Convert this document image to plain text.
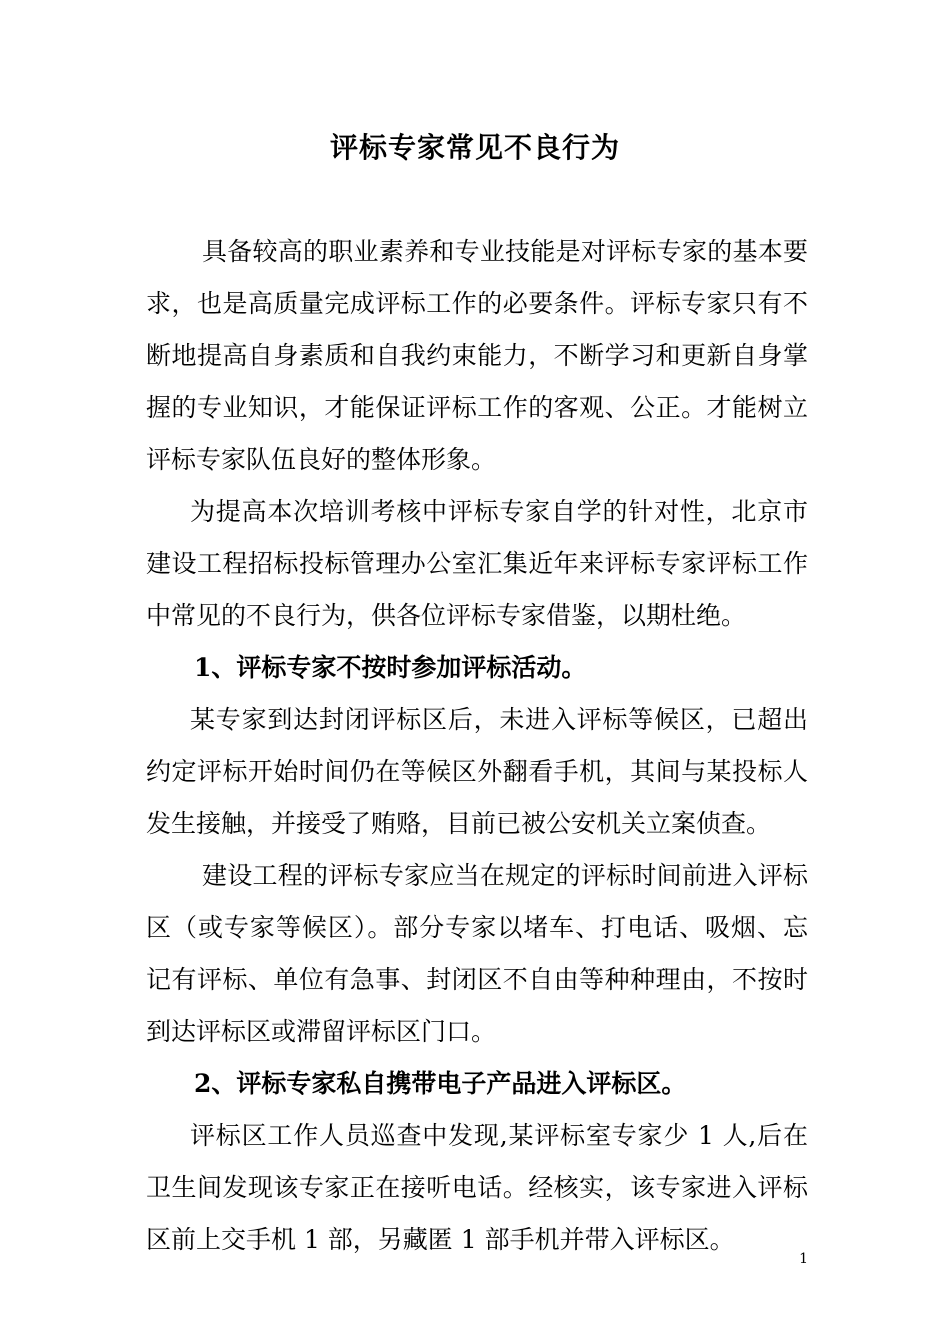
评标专家常见不良行为

具备较高的职业素养和专业技能是对评标专家的基本要求，也是高质量完成评标工作的必要条件。评标专家只有不断地提高自身素质和自我约束能力，不断学习和更新自身掌握的专业知识，才能保证评标工作的客观、公正。才能树立评标专家队伍良好的整体形象。

为提高本次培训考核中评标专家自学的针对性，北京市建设工程招标投标管理办公室汇集近年来评标专家评标工作中常见的不良行为，供各位评标专家借鉴，以期杜绝。

1、评标专家不按时参加评标活动。

某专家到达封闭评标区后，未进入评标等候区，已超出约定评标开始时间仍在等候区外翻看手机，其间与某投标人发生接触，并接受了贿赂，目前已被公安机关立案侦查。

建设工程的评标专家应当在规定的评标时间前进入评标区（或专家等候区）。部分专家以堵车、打电话、吸烟、忘记有评标、单位有急事、封闭区不自由等种种理由，不按时到达评标区或滞留评标区门口。

2、评标专家私自携带电子产品进入评标区。

评标区工作人员巡查中发现,某评标室专家少 1 人,后在卫生间发现该专家正在接听电话。经核实，该专家进入评标区前上交手机 1 部，另藏匿 1 部手机并带入评标区。

1
